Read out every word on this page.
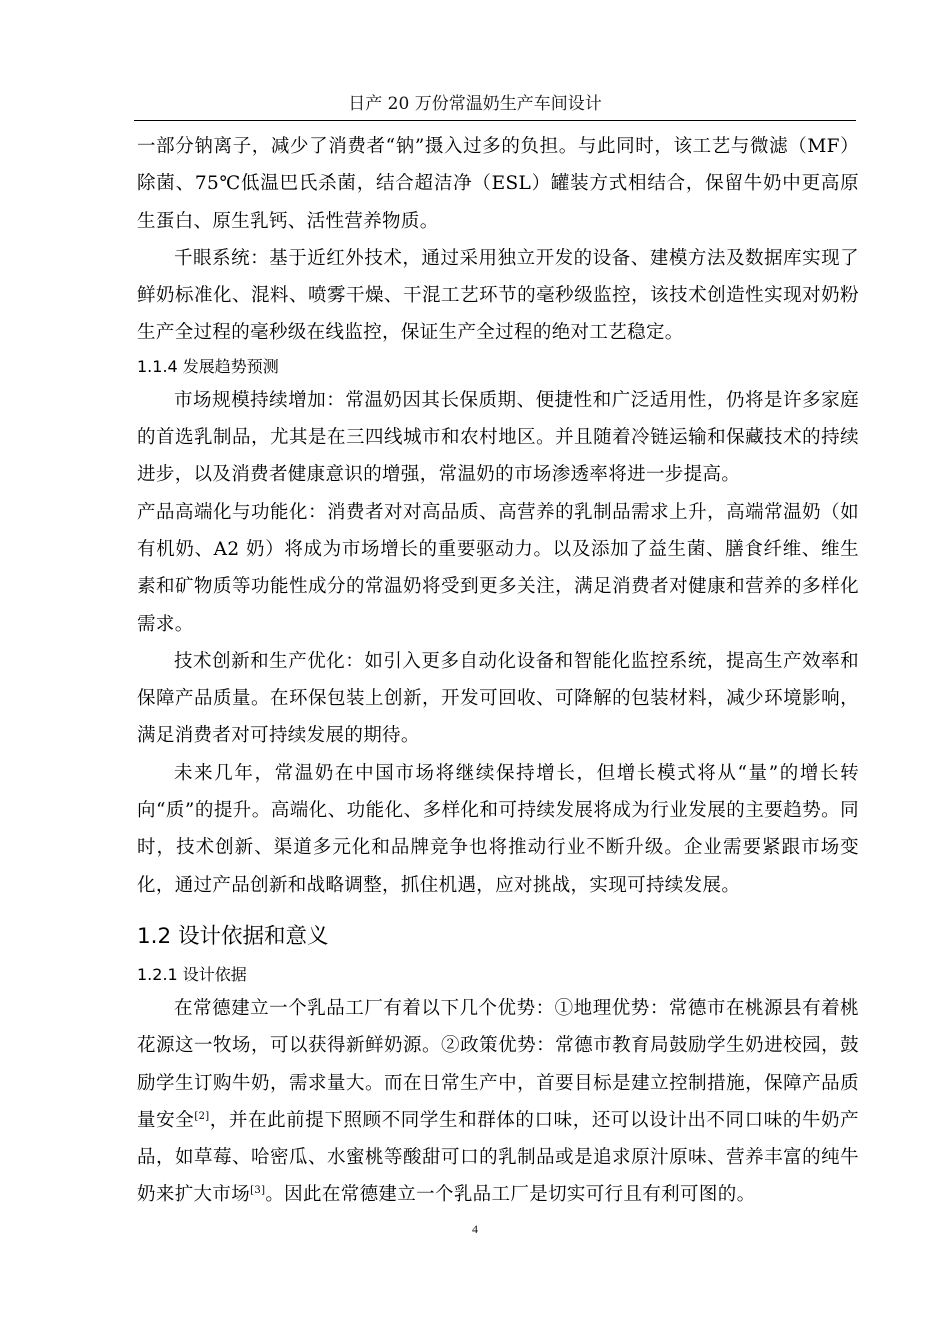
日产 20 万份常温奶生产车间设计

一部分钠离子，减少了消费者“钠”摄入过多的负担。与此同时，该工艺与微滤（MF）除菌、75℃低温巴氏杀菌，结合超洁净（ESL）罐装方式相结合，保留牛奶中更高原生蛋白、原生乳钙、活性营养物质。

千眼系统：基于近红外技术，通过采用独立开发的设备、建模方法及数据库实现了鲜奶标准化、混料、喷雾干燥、干混工艺环节的毫秒级监控，该技术创造性实现对奶粉生产全过程的毫秒级在线监控，保证生产全过程的绝对工艺稳定。

1.1.4 发展趋势预测

市场规模持续增加：常温奶因其长保质期、便捷性和广泛适用性，仍将是许多家庭的首选乳制品，尤其是在三四线城市和农村地区。并且随着冷链运输和保藏技术的持续进步，以及消费者健康意识的增强，常温奶的市场渗透率将进一步提高。

产品高端化与功能化：消费者对对高品质、高营养的乳制品需求上升，高端常温奶（如有机奶、A2 奶）将成为市场增长的重要驱动力。以及添加了益生菌、膳食纤维、维生素和矿物质等功能性成分的常温奶将受到更多关注，满足消费者对健康和营养的多样化需求。

技术创新和生产优化：如引入更多自动化设备和智能化监控系统，提高生产效率和保障产品质量。在环保包装上创新，开发可回收、可降解的包装材料，减少环境影响，满足消费者对可持续发展的期待。

未来几年，常温奶在中国市场将继续保持增长，但增长模式将从“量”的增长转向“质”的提升。高端化、功能化、多样化和可持续发展将成为行业发展的主要趋势。同时，技术创新、渠道多元化和品牌竞争也将推动行业不断升级。企业需要紧跟市场变化，通过产品创新和战略调整，抓住机遇，应对挑战，实现可持续发展。

1.2 设计依据和意义
1.2.1 设计依据

在常德建立一个乳品工厂有着以下几个优势：①地理优势：常德市在桃源县有着桃花源这一牧场，可以获得新鲜奶源。②政策优势：常德市教育局鼓励学生奶进校园，鼓励学生订购牛奶，需求量大。而在日常生产中，首要目标是建立控制措施，保障产品质量安全[2]，并在此前提下照顾不同学生和群体的口味，还可以设计出不同口味的牛奶产品，如草莓、哈密瓜、水蜜桃等酸甜可口的乳制品或是追求原汁原味、营养丰富的纯牛奶来扩大市场[3]。因此在常德建立一个乳品工厂是切实可行且有利可图的。

4
